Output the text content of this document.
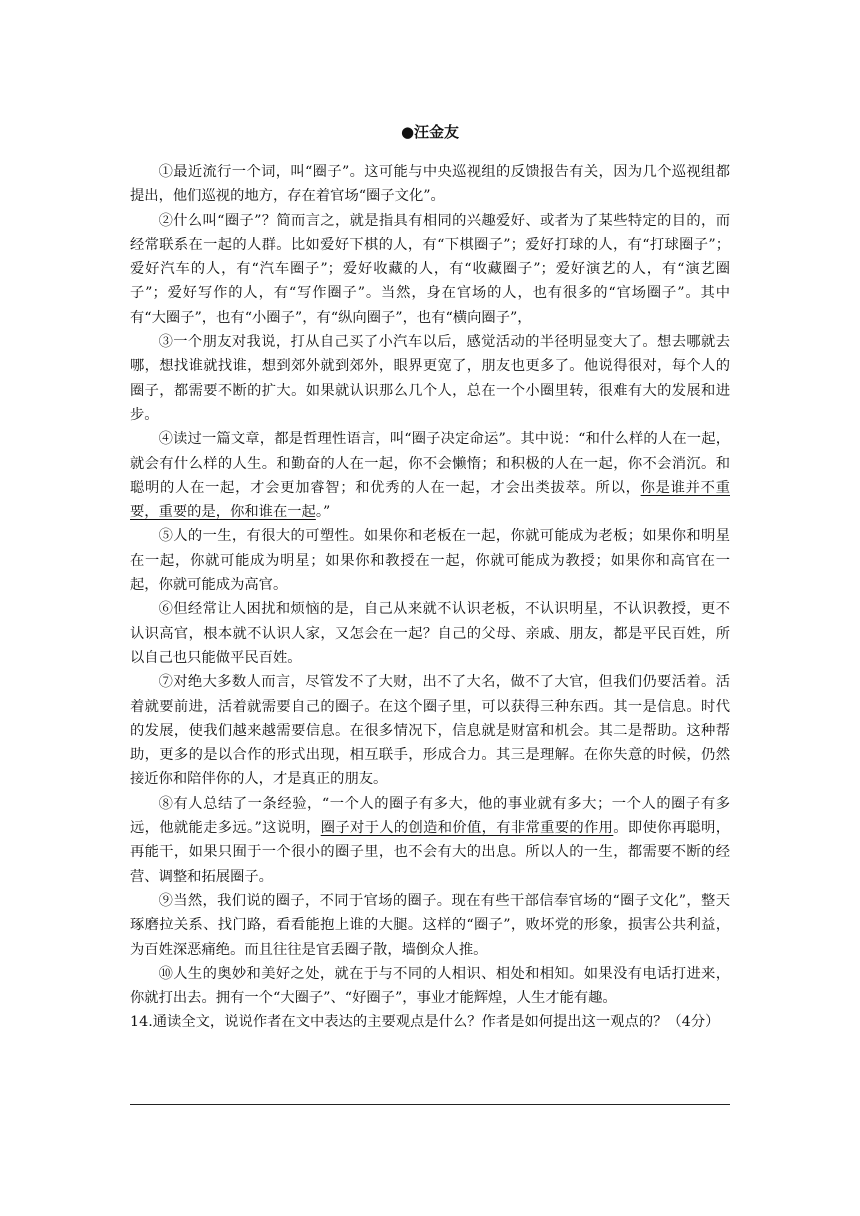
●汪金友

①最近流行一个词，叫“圈子”。这可能与中央巡视组的反馈报告有关，因为几个巡视组都提出，他们巡视的地方，存在着官场“圈子文化”。

②什么叫“圈子”？简而言之，就是指具有相同的兴趣爱好、或者为了某些特定的目的，而经常联系在一起的人群。比如爱好下棋的人，有“下棋圈子”；爱好打球的人，有“打球圈子”；爱好汽车的人，有“汽车圈子”；爱好收藏的人，有“收藏圈子”；爱好演艺的人，有“演艺圈子”；爱好写作的人，有“写作圈子”。当然，身在官场的人，也有很多的“官场圈子”。其中有“大圈子”，也有“小圈子”，有“纵向圈子”，也有“横向圈子”，

③一个朋友对我说，打从自己买了小汽车以后，感觉活动的半径明显变大了。想去哪就去哪，想找谁就找谁，想到郊外就到郊外，眼界更宽了，朋友也更多了。他说得很对，每个人的圈子，都需要不断的扩大。如果就认识那么几个人，总在一个小圈里转，很难有大的发展和进步。

④读过一篇文章，都是哲理性语言，叫“圈子决定命运”。其中说：“和什么样的人在一起，就会有什么样的人生。和勤奋的人在一起，你不会懒惰；和积极的人在一起，你不会消沉。和聪明的人在一起，才会更加睿智；和优秀的人在一起，才会出类拔萃。所以，你是谁并不重要，重要的是，你和谁在一起。”

⑤人的一生，有很大的可塑性。如果你和老板在一起，你就可能成为老板；如果你和明星在一起，你就可能成为明星；如果你和教授在一起，你就可能成为教授；如果你和高官在一起，你就可能成为高官。

⑥但经常让人困扰和烦恼的是，自己从来就不认识老板，不认识明星，不认识教授，更不认识高官，根本就不认识人家，又怎会在一起？自己的父母、亲戚、朋友，都是平民百姓，所以自己也只能做平民百姓。

⑦对绝大多数人而言，尽管发不了大财，出不了大名，做不了大官，但我们仍要活着。活着就要前进，活着就需要自己的圈子。在这个圈子里，可以获得三种东西。其一是信息。时代的发展，使我们越来越需要信息。在很多情况下，信息就是财富和机会。其二是帮助。这种帮助，更多的是以合作的形式出现，相互联手，形成合力。其三是理解。在你失意的时候，仍然接近你和陪伴你的人，才是真正的朋友。

⑧有人总结了一条经验，“一个人的圈子有多大，他的事业就有多大；一个人的圈子有多远，他就能走多远。”这说明，圈子对于人的创造和价值，有非常重要的作用。即使你再聪明，再能干，如果只囿于一个很小的圈子里，也不会有大的出息。所以人的一生，都需要不断的经营、调整和拓展圈子。

⑨当然，我们说的圈子，不同于官场的圈子。现在有些干部信奉官场的“圈子文化”，整天琢磨拉关系、找门路，看看能抱上谁的大腿。这样的“圈子”，败坏党的形象，损害公共利益，为百姓深恶痛绝。而且往往是官丢圈子散，墙倒众人推。

⑩人生的奥妙和美好之处，就在于与不同的人相识、相处和相知。如果没有电话打进来，你就打出去。拥有一个“大圈子”、“好圈子”，事业才能辉煌，人生才能有趣。

14.通读全文，说说作者在文中表达的主要观点是什么？作者是如何提出这一观点的？（4分）
